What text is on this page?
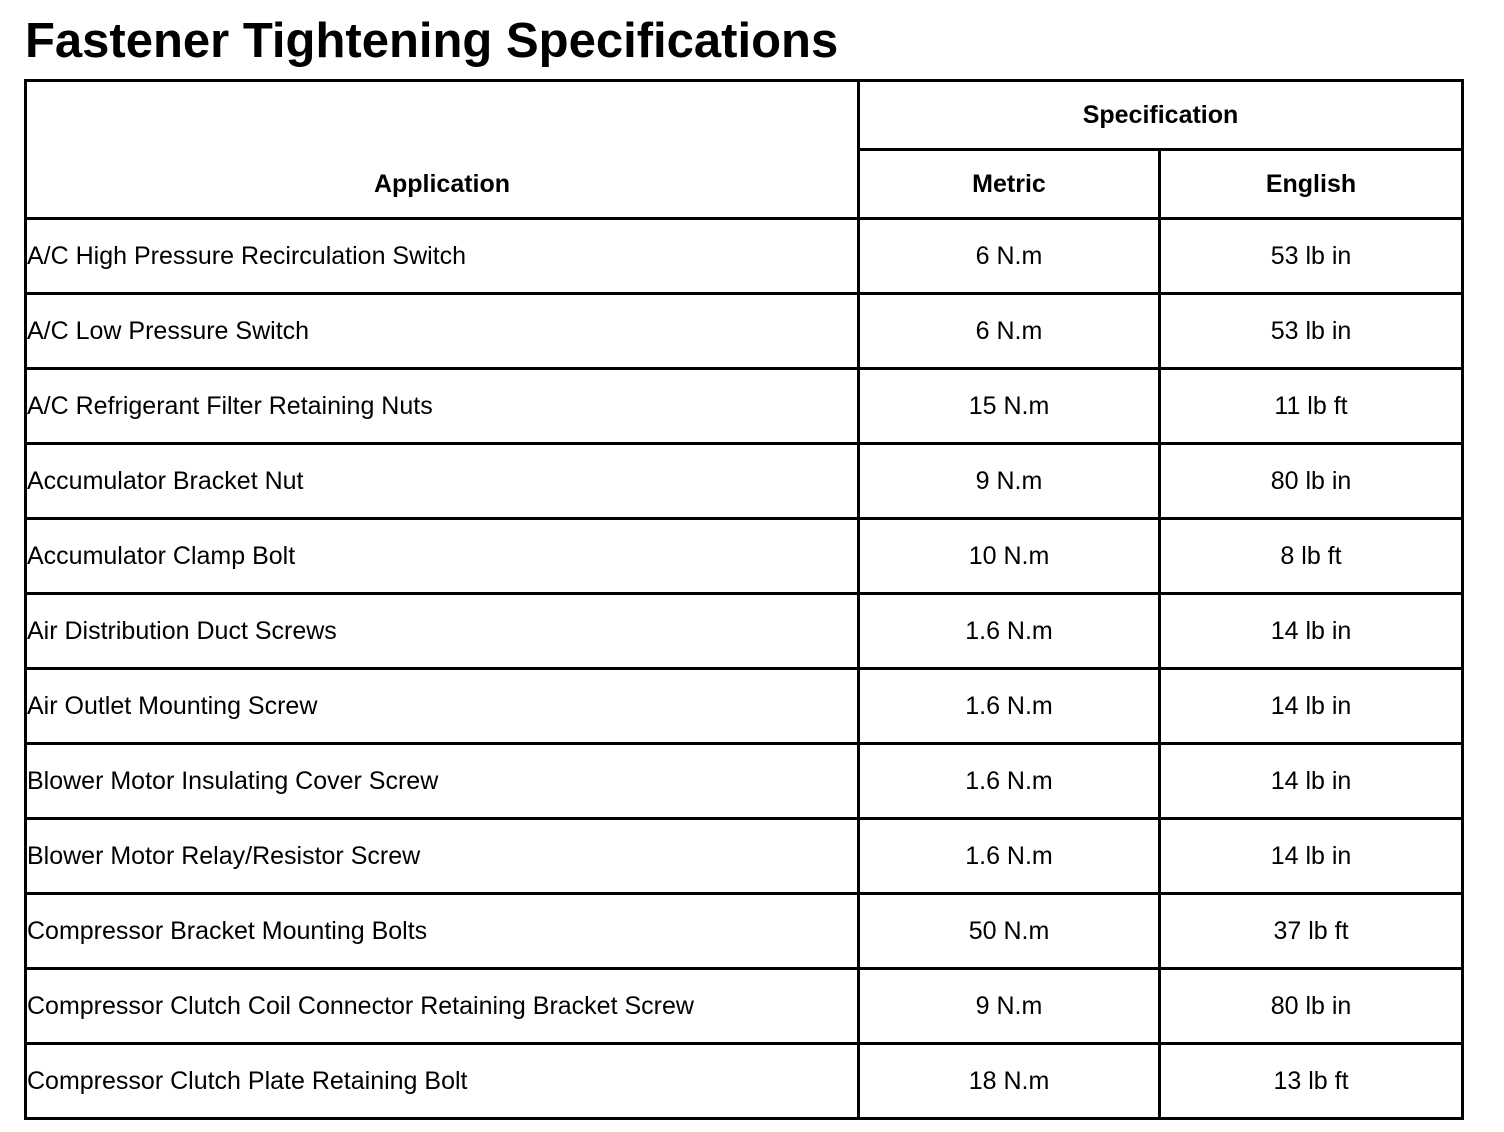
Fastener Tightening Specifications
Application	Specification	
	Metric	English
A/C High Pressure Recirculation Switch	6 N.m	53 lb in
A/C Low Pressure Switch	6 N.m	53 lb in
A/C Refrigerant Filter Retaining Nuts	15 N.m	11 lb ft
Accumulator Bracket Nut	9 N.m	80 lb in
Accumulator Clamp Bolt	10 N.m	8 lb ft
Air Distribution Duct Screws	1.6 N.m	14 lb in
Air Outlet Mounting Screw	1.6 N.m	14 lb in
Blower Motor Insulating Cover Screw	1.6 N.m	14 lb in
Blower Motor Relay/Resistor Screw	1.6 N.m	14 lb in
Compressor Bracket Mounting Bolts	50 N.m	37 lb ft
Compressor Clutch Coil Connector Retaining Bracket Screw	9 N.m	80 lb in
Compressor Clutch Plate Retaining Bolt	18 N.m	13 lb ft
